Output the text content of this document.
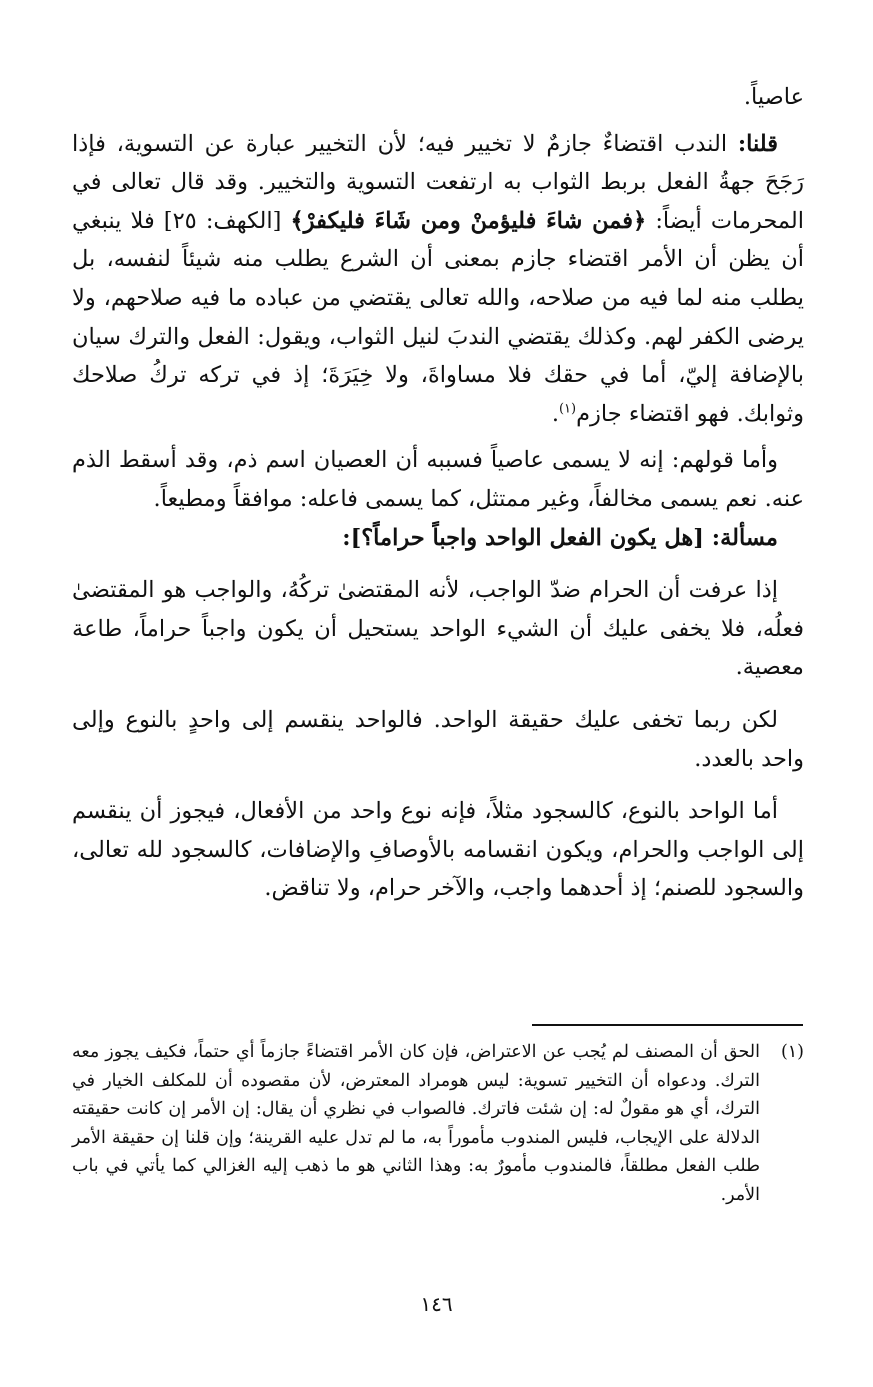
عاصياً.

قلنا: الندب اقتضاءٌ جازمٌ لا تخيير فيه؛ لأن التخيير عبارة عن التسوية، فإذا رَجَحَ جهةُ الفعل بربط الثواب به ارتفعت التسوية والتخيير. وقد قال تعالى في المحرمات أيضاً: ﴿فمن شاءَ فليؤمنْ ومن شَاءَ فليكفرْ﴾ [الكهف: ٢٥] فلا ينبغي أن يظن أن الأمر اقتضاء جازم بمعنى أن الشرع يطلب منه شيئاً لنفسه، بل يطلب منه لما فيه من صلاحه، والله تعالى يقتضي من عباده ما فيه صلاحهم، ولا يرضى الكفر لهم. وكذلك يقتضي الندبَ لنيل الثواب، ويقول: الفعل والترك سيان بالإضافة إليّ، أما في حقك فلا مساواةَ، ولا خِيَرَةَ؛ إذ في تركه تركُ صلاحك وثوابك. فهو اقتضاء جازم$^{(١)}$.

وأما قولهم: إنه لا يسمى عاصياً فسببه أن العصيان اسم ذم، وقد أسقط الذم عنه. نعم يسمى مخالفاً، وغير ممتثل، كما يسمى فاعله: موافقاً ومطيعاً.

مسألة: [هل يكون الفعل الواحد واجباً حراماً؟]:

إذا عرفت أن الحرام ضدّ الواجب، لأنه المقتضىٰ تركُهُ، والواجب هو المقتضىٰ فعلُه، فلا يخفى عليك أن الشيء الواحد يستحيل أن يكون واجباً حراماً، طاعة معصية.

لكن ربما تخفى عليك حقيقة الواحد. فالواحد ينقسم إلى واحدٍ بالنوع وإلى واحد بالعدد.

أما الواحد بالنوع، كالسجود مثلاً، فإنه نوع واحد من الأفعال، فيجوز أن ينقسم إلى الواجب والحرام، ويكون انقسامه بالأوصافِ والإضافات، كالسجود لله تعالى، والسجود للصنم؛ إذ أحدهما واجب، والآخر حرام، ولا تناقض.

(١)
الحق أن المصنف لم يُجب عن الاعتراض، فإن كان الأمر اقتضاءً جازماً أي حتماً، فكيف يجوز معه الترك. ودعواه أن التخيير تسوية: ليس هومراد المعترض، لأن مقصوده أن للمكلف الخيار في الترك، أي هو مقولٌ له: إن شئت فاترك. فالصواب في نظري أن يقال: إن الأمر إن كانت حقيقته الدلالة على الإيجاب، فليس المندوب مأموراً به، ما لم تدل عليه القرينة؛ وإن قلنا إن حقيقة الأمر طلب الفعل مطلقاً، فالمندوب مأمورٌ به: وهذا الثاني هو ما ذهب إليه الغزالي كما يأتي في باب الأمر.
١٤٦
